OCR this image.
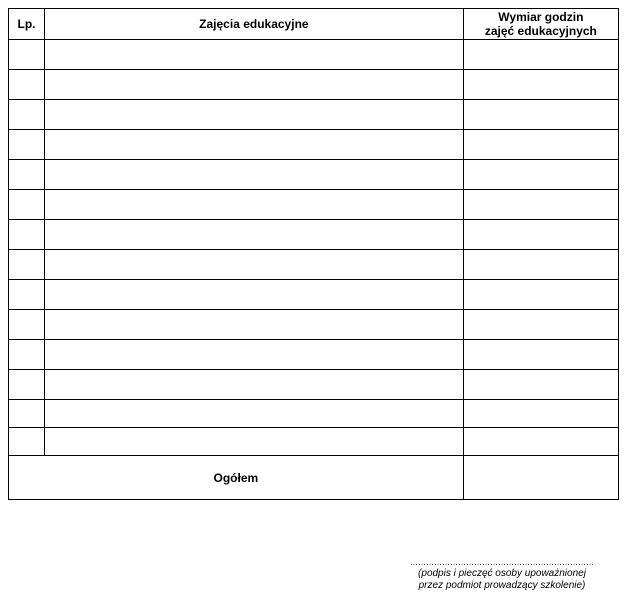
Lp.	Zajęcia edukacyjne	Wymiar godzin
zajęć edukacyjnych

Ogółem		
……………………………………………………………
(podpis i pieczęć osoby upoważnionej
przez podmiot prowadzący szkolenie)
